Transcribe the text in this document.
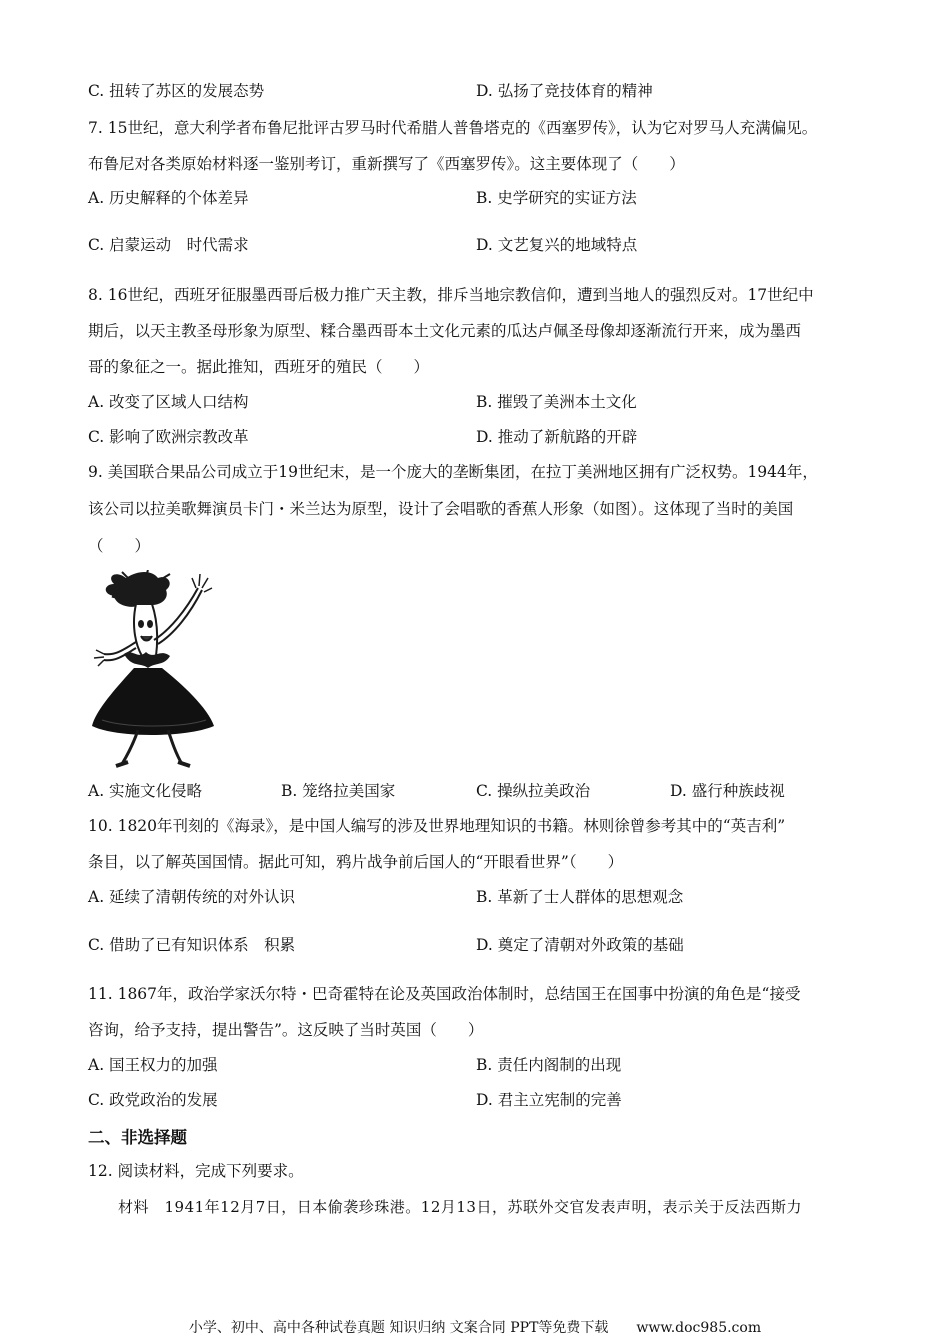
C. 扭转了苏区的发展态势	D. 弘扬了竞技体育的精神
7. 15世纪，意大利学者布鲁尼批评古罗马时代希腊人普鲁塔克的《西塞罗传》，认为它对罗马人充满偏见。
布鲁尼对各类原始材料逐一鉴别考订，重新撰写了《西塞罗传》。这主要体现了（　　）
A. 历史解释的个体差异	B. 史学研究的实证方法
C. 启蒙运动　时代需求	D. 文艺复兴的地域特点
8. 16世纪，西班牙征服墨西哥后极力推广天主教，排斥当地宗教信仰，遭到当地人的强烈反对。17世纪中
期后，以天主教圣母形象为原型、糅合墨西哥本土文化元素的瓜达卢佩圣母像却逐渐流行开来，成为墨西
哥的象征之一。据此推知，西班牙的殖民（　　）
A. 改变了区域人口结构	B. 摧毁了美洲本土文化
C. 影响了欧洲宗教改革	D. 推动了新航路的开辟
9. 美国联合果品公司成立于19世纪末，是一个庞大的垄断集团，在拉丁美洲地区拥有广泛权势。1944年，
该公司以拉美歌舞演员卡门・米兰达为原型，设计了会唱歌的香蕉人形象（如图）。这体现了当时的美国
（　　）
A. 实施文化侵略	B. 笼络拉美国家	C. 操纵拉美政治	D. 盛行种族歧视
10. 1820年刊刻的《海录》，是中国人编写的涉及世界地理知识的书籍。林则徐曾参考其中的“英吉利”
条目，以了解英国国情。据此可知，鸦片战争前后国人的“开眼看世界”（　　）
A. 延续了清朝传统的对外认识	B. 革新了士人群体的思想观念
C. 借助了已有知识体系　积累	D. 奠定了清朝对外政策的基础
11. 1867年，政治学家沃尔特・巴奇霍特在论及英国政治体制时，总结国王在国事中扮演的角色是“接受
咨询，给予支持，提出警告”。这反映了当时英国（　　）
A. 国王权力的加强	B. 责任内阁制的出现
C. 政党政治的发展	D. 君主立宪制的完善
二、非选择题
12. 阅读材料，完成下列要求。
材料　1941年12月7日，日本偷袭珍珠港。12月13日，苏联外交官发表声明，表示关于反法西斯力
小学、初中、高中各种试卷真题 知识归纳 文案合同 PPT等免费下载　　www.doc985.com
